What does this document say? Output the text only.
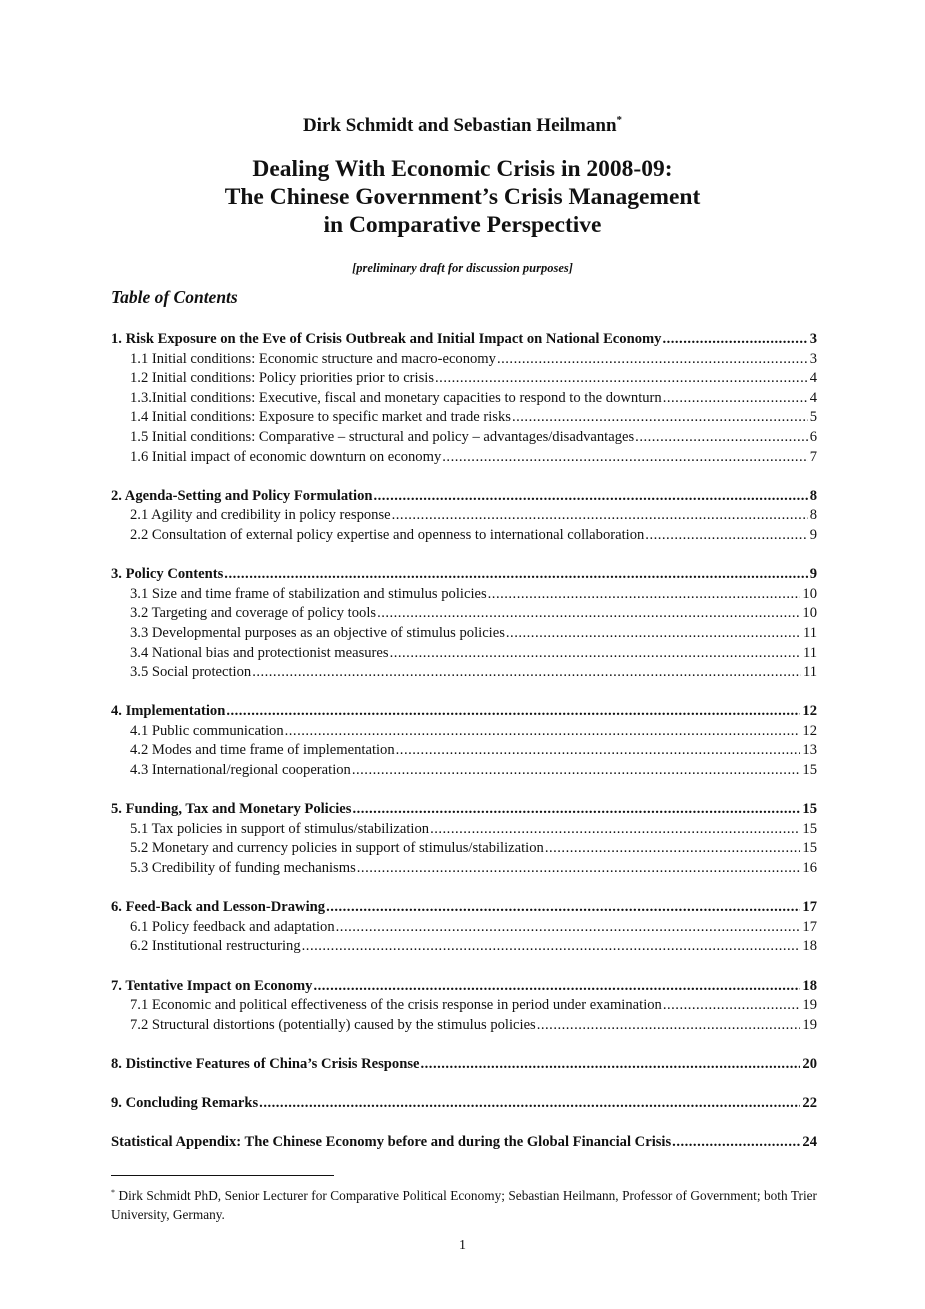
Dirk Schmidt and Sebastian Heilmann*
Dealing With Economic Crisis in 2008-09:
The Chinese Government’s Crisis Management
in Comparative Perspective
[preliminary draft for discussion purposes]
Table of Contents
1. Risk Exposure on the Eve of Crisis Outbreak and Initial Impact on National Economy .....	3
1.1 Initial conditions: Economic structure and macro-economy .....	3
1.2 Initial conditions: Policy priorities prior to crisis .....	4
1.3.Initial conditions: Executive, fiscal and monetary capacities to respond to the downturn .....	4
1.4 Initial conditions: Exposure to specific market and trade risks .....	5
1.5 Initial conditions: Comparative – structural and policy – advantages/disadvantages .....	6
1.6 Initial impact of economic downturn on economy .....	7
2. Agenda-Setting and Policy Formulation .....	8
2.1 Agility and credibility in policy response .....	8
2.2 Consultation of external policy expertise and openness to international collaboration .....	9
3. Policy Contents .....	9
3.1 Size and time frame of stabilization and stimulus policies .....	10
3.2 Targeting and coverage of policy tools .....	10
3.3 Developmental purposes as an objective of stimulus policies .....	11
3.4 National bias and protectionist measures .....	11
3.5 Social protection .....	11
4. Implementation .....	12
4.1 Public communication .....	12
4.2 Modes and time frame of implementation .....	13
4.3 International/regional cooperation .....	15
5. Funding, Tax and Monetary Policies .....	15
5.1 Tax policies in support of stimulus/stabilization .....	15
5.2 Monetary and currency policies in support of stimulus/stabilization .....	15
5.3 Credibility of funding mechanisms .....	16
6. Feed-Back and Lesson-Drawing .....	17
6.1 Policy feedback and adaptation .....	17
6.2 Institutional restructuring .....	18
7. Tentative Impact on Economy .....	18
7.1 Economic and political effectiveness of the crisis response in period under examination .....	19
7.2 Structural distortions (potentially) caused by the stimulus policies .....	19
8. Distinctive Features of China’s Crisis Response .....	20
9. Concluding Remarks .....	22
Statistical Appendix: The Chinese Economy before and during the Global Financial Crisis .....	24
* Dirk Schmidt PhD, Senior Lecturer for Comparative Political Economy; Sebastian Heilmann, Professor of Government; both Trier University, Germany.
1
